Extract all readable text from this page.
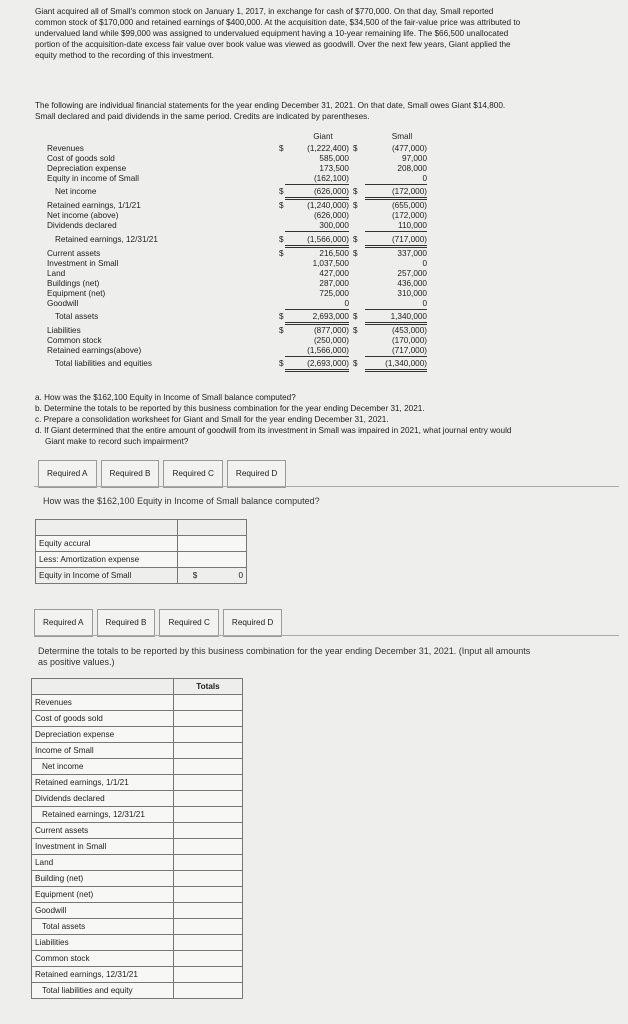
Giant acquired all of Small's common stock on January 1, 2017, in exchange for cash of $770,000. On that day, Small reported
common stock of $170,000 and retained earnings of $400,000. At the acquisition date, $34,500 of the fair-value price was attributed to
undervalued land while $99,000 was assigned to undervalued equipment having a 10-year remaining life. The $66,500 unallocated
portion of the acquisition-date excess fair value over book value was viewed as goodwill. Over the next few years, Giant applied the
equity method to the recording of this investment.
The following are individual financial statements for the year ending December 31, 2021. On that date, Small owes Giant $14,800.
Small declared and paid dividends in the same period. Credits are indicated by parentheses.
Giant	Small
Revenues	$	(1,222,400) $	(477,000)
Cost of goods sold	585,000	97,000
Depreciation expense	173,500	208,000
Equity in income of Small	(162,100)	0
Net income	$	(626,000) $	(172,000)
Retained earnings, 1/1/21	$	(1,240,000) $	(655,000)
Net income (above)	(626,000)	(172,000)
Dividends declared	300,000	110,000
Retained earnings, 12/31/21	$	(1,566,000) $	(717,000)
Current assets	$	216,500 $	337,000
Investment in Small	1,037,500	0
Land	427,000	257,000
Buildings (net)	287,000	436,000
Equipment (net)	725,000	310,000
Goodwill	0	0
Total assets	$	2,693,000 $	1,340,000
Liabilities	$	(877,000) $	(453,000)
Common stock	(250,000)	(170,000)
Retained earnings(above)	(1,566,000)	(717,000)
Total liabilities and equities	$	(2,693,000) $	(1,340,000)
a. How was the $162,100 Equity in Income of Small balance computed?
b. Determine the totals to be reported by this business combination for the year ending December 31, 2021.
c. Prepare a consolidation worksheet for Giant and Small for the year ending December 31, 2021.
d. If Giant determined that the entire amount of goodwill from its investment in Small was impaired in 2021, what journal entry would
Giant make to record such impairment?
Required A	Required B	Required C	Required D
How was the $162,100 Equity in Income of Small balance computed?

Equity accural		
Less: Amortization expense		
Equity in Income of Small	$	0
Required A	Required B	Required C	Required D
Determine the totals to be reported by this business combination for the year ending December 31, 2021. (Input all amounts
as positive values.)
	Totals
Revenues	
Cost of goods sold	
Depreciation expense	
Income of Small	
Net income	
Retained earnings, 1/1/21	
Dividends declared	
Retained earnings, 12/31/21	
Current assets	
Investment in Small	
Land	
Building (net)	
Equipment (net)	
Goodwill	
Total assets	
Liabilities	
Common stock	
Retained earnings, 12/31/21	
Total liabilities and equity	
